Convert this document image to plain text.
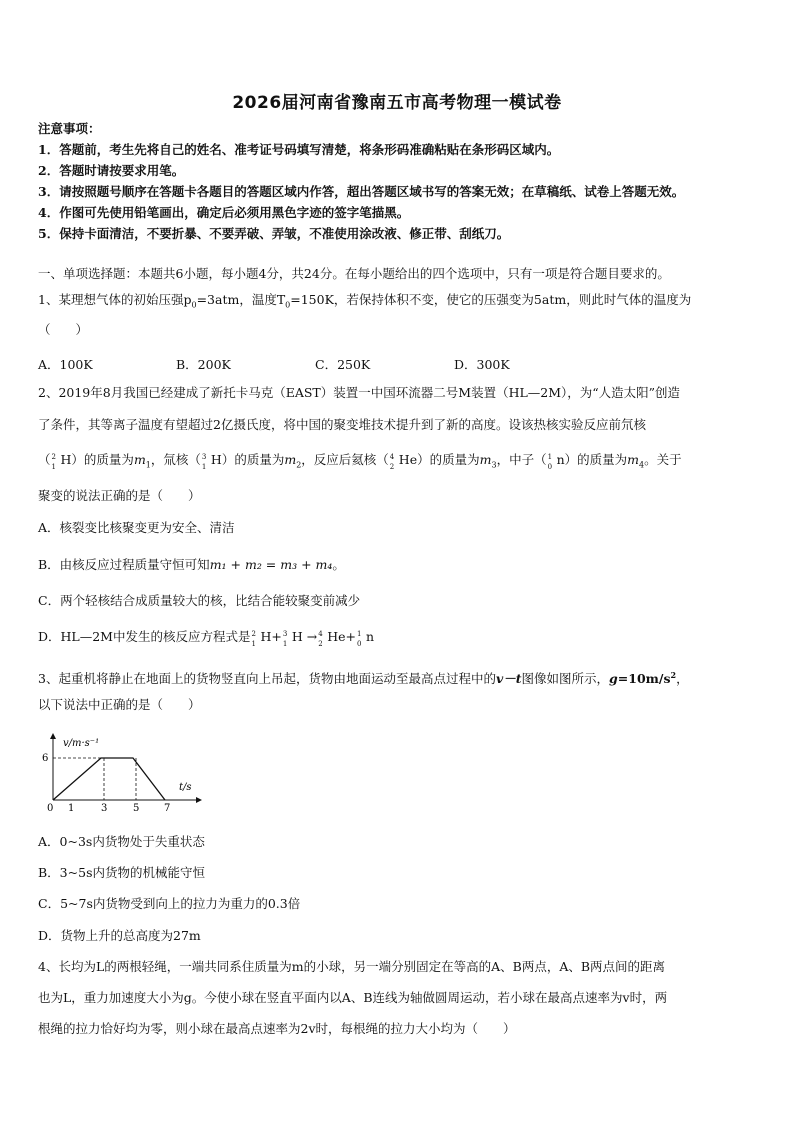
2026届河南省豫南五市高考物理一模试卷
注意事项：
1．答题前，考生先将自己的姓名、准考证号码填写清楚，将条形码准确粘贴在条形码区域内。
2．答题时请按要求用笔。
3．请按照题号顺序在答题卡各题目的答题区域内作答，超出答题区域书写的答案无效；在草稿纸、试卷上答题无效。
4．作图可先使用铅笔画出，确定后必须用黑色字迹的签字笔描黑。
5．保持卡面清洁，不要折暴、不要弄破、弄皱，不准使用涂改液、修正带、刮纸刀。
一、单项选择题：本题共6小题，每小题4分，共24分。在每小题给出的四个选项中，只有一项是符合题目要求的。
1、某理想气体的初始压强$p_0=3atm$，温度$T_0=150K$，若保持体积不变，使它的压强变为5atm，则此时气体的温度为
（　　）
A．100K	B．200K	C．250K	D．300K
2、2019年8月我国已经建成了新托卡马克（EAST）装置一中国环流器二号M装置（HL—2M），为“人造太阳”创造
了条件，其等离子温度有望超过2亿摄氏度，将中国的聚变堆技术提升到了新的高度。设该热核实验反应前氘核
（ 2
1 H）的质量为$m_1$，氚核（ 3
1 H）的质量为$m_2$，反应后氦核（ 4
2 He）的质量为$m_3$，中子（ 1
0 n）的质量为$m_4$。关于
聚变的说法正确的是（　　）
A．核裂变比核聚变更为安全、清洁
B．由核反应过程质量守恒可知m₁ + m₂ = m₃ + m₄。
C．两个轻核结合成质量较大的核，比结合能较聚变前减少
D．HL—2M中发生的核反应方程式是 2
1 H+ 3
1 H → 4
2 He+ 1
0 n
3、起重机将静止在地面上的货物竖直向上吊起，货物由地面运动至最高点过程中的v－t图像如图所示，$g=10m/s^2$，
以下说法中正确的是（　　）
v/m·s⁻¹
6
t/s
0 1	3	5 7
A．0~3s内货物处于失重状态
B．3~5s内货物的机械能守恒
C．5~7s内货物受到向上的拉力为重力的0.3倍
D．货物上升的总高度为27m
4、长均为L的两根轻绳，一端共同系住质量为m的小球，另一端分别固定在等高的A、B两点，A、B两点间的距离
也为L，重力加速度大小为g。今使小球在竖直平面内以A、B连线为轴做圆周运动，若小球在最高点速率为v时，两
根绳的拉力恰好均为零，则小球在最高点速率为2v时，每根绳的拉力大小均为（　　）
